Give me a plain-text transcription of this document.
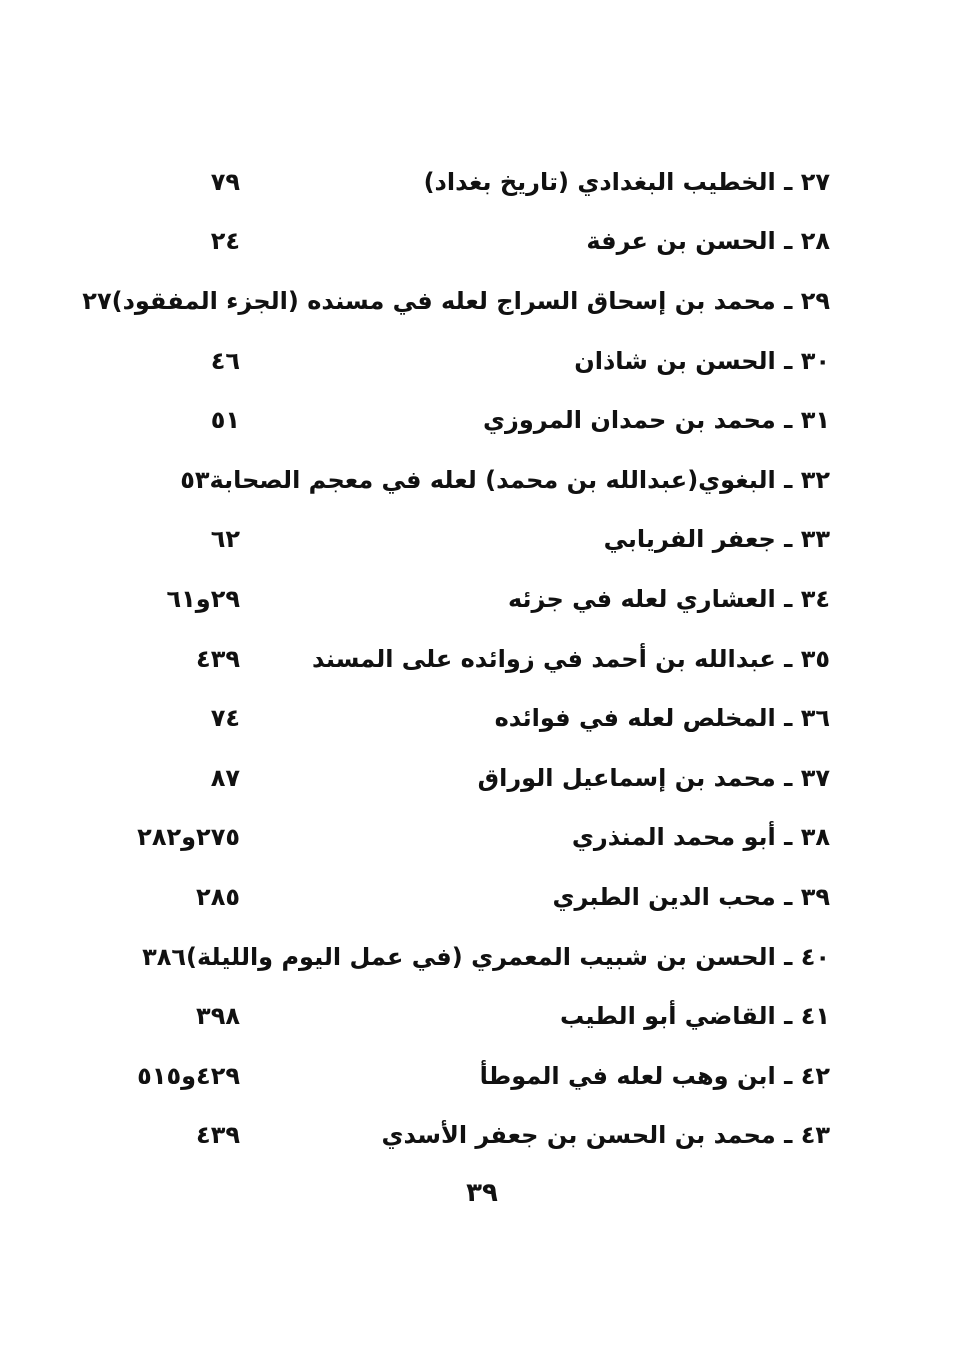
٢٧ ـ الخطيب البغدادي (تاريخ بغداد)
٧٩
٢٨ ـ الحسن بن عرفة
٢٤
٢٩ ـ محمد بن إسحاق السراج لعله في مسنده (الجزء المفقود)
٢٧
٣٠ ـ الحسن بن شاذان
٤٦
٣١ ـ محمد بن حمدان المروزي
٥١
٣٢ ـ البغوي(عبدالله بن محمد) لعله في معجم الصحابة
٥٣
٣٣ ـ جعفر الفريابي
٦٢
٣٤ ـ العشاري لعله في جزئه
٢٩و٦١
٣٥ ـ عبدالله بن أحمد في زوائده على المسند
٤٣٩
٣٦ ـ المخلص لعله في فوائده
٧٤
٣٧ ـ محمد بن إسماعيل الوراق
٨٧
٣٨ ـ أبو محمد المنذري
٢٧٥و٢٨٢
٣٩ ـ محب الدين الطبري
٢٨٥
٤٠ ـ الحسن بن شبيب المعمري (في عمل اليوم والليلة)
٣٨٦
٤١ ـ القاضي أبو الطيب
٣٩٨
٤٢ ـ ابن وهب لعله في الموطأ
٤٢٩و٥١٥
٤٣ ـ محمد بن الحسن بن جعفر الأسدي
٤٣٩
٣٩
